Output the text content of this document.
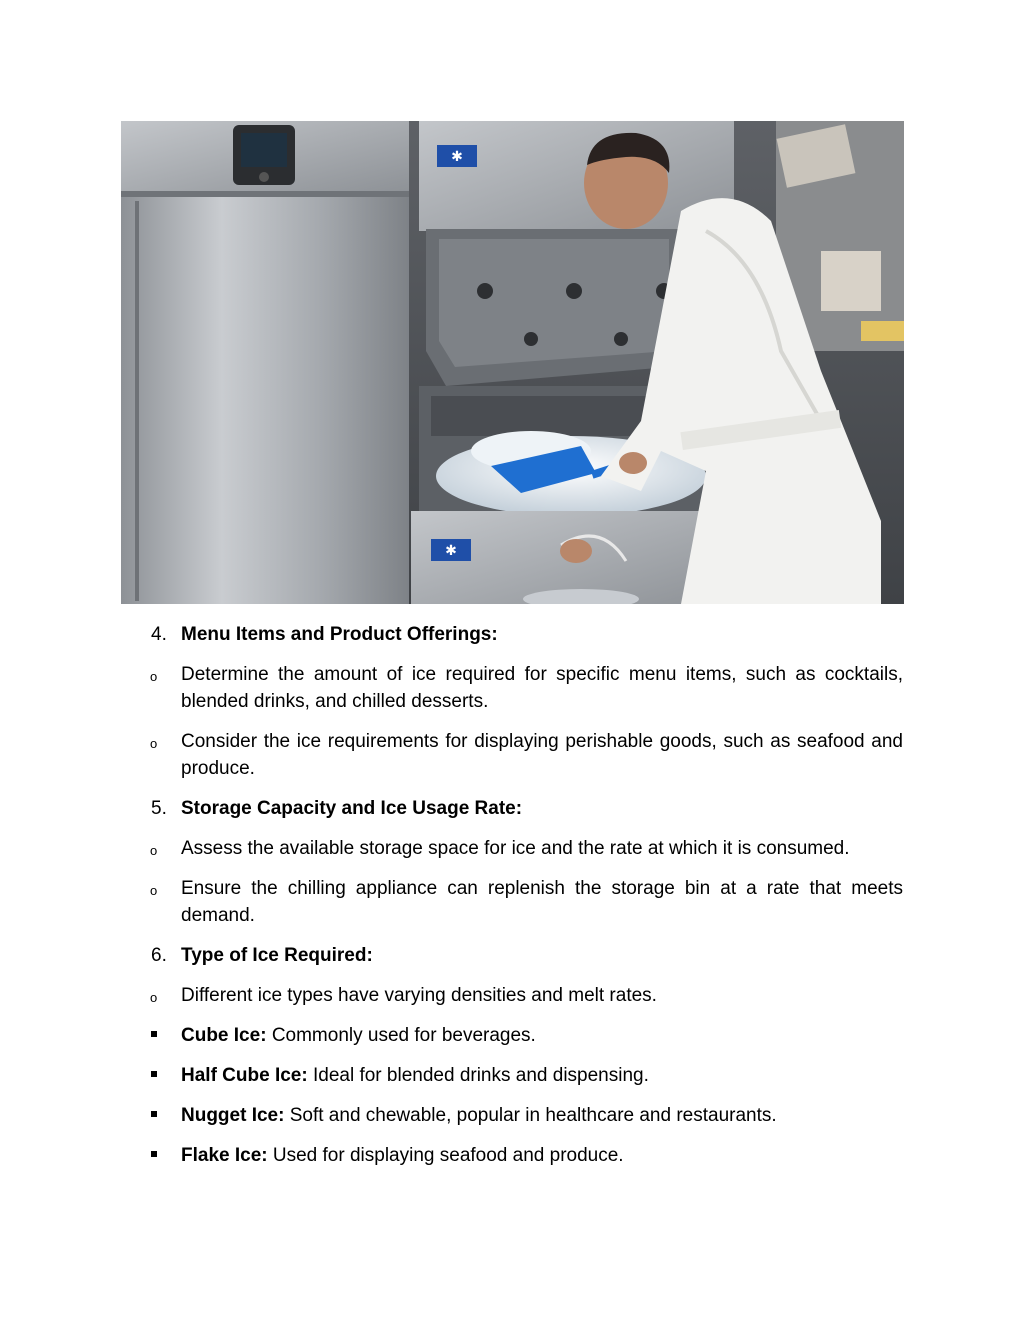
✱
✱
4. Menu Items and Product Offerings:
o	Determine the amount of ice required for specific menu items, such as cocktails, blended drinks, and chilled desserts.
o	Consider the ice requirements for displaying perishable goods, such as seafood and produce.
5. Storage Capacity and Ice Usage Rate:
o	Assess the available storage space for ice and the rate at which it is consumed.
o	Ensure the chilling appliance can replenish the storage bin at a rate that meets demand.
6. Type of Ice Required:
o	Different ice types have varying densities and melt rates.
Cube Ice: Commonly used for beverages.
Half Cube Ice: Ideal for blended drinks and dispensing.
Nugget Ice: Soft and chewable, popular in healthcare and restaurants.
Flake Ice: Used for displaying seafood and produce.
